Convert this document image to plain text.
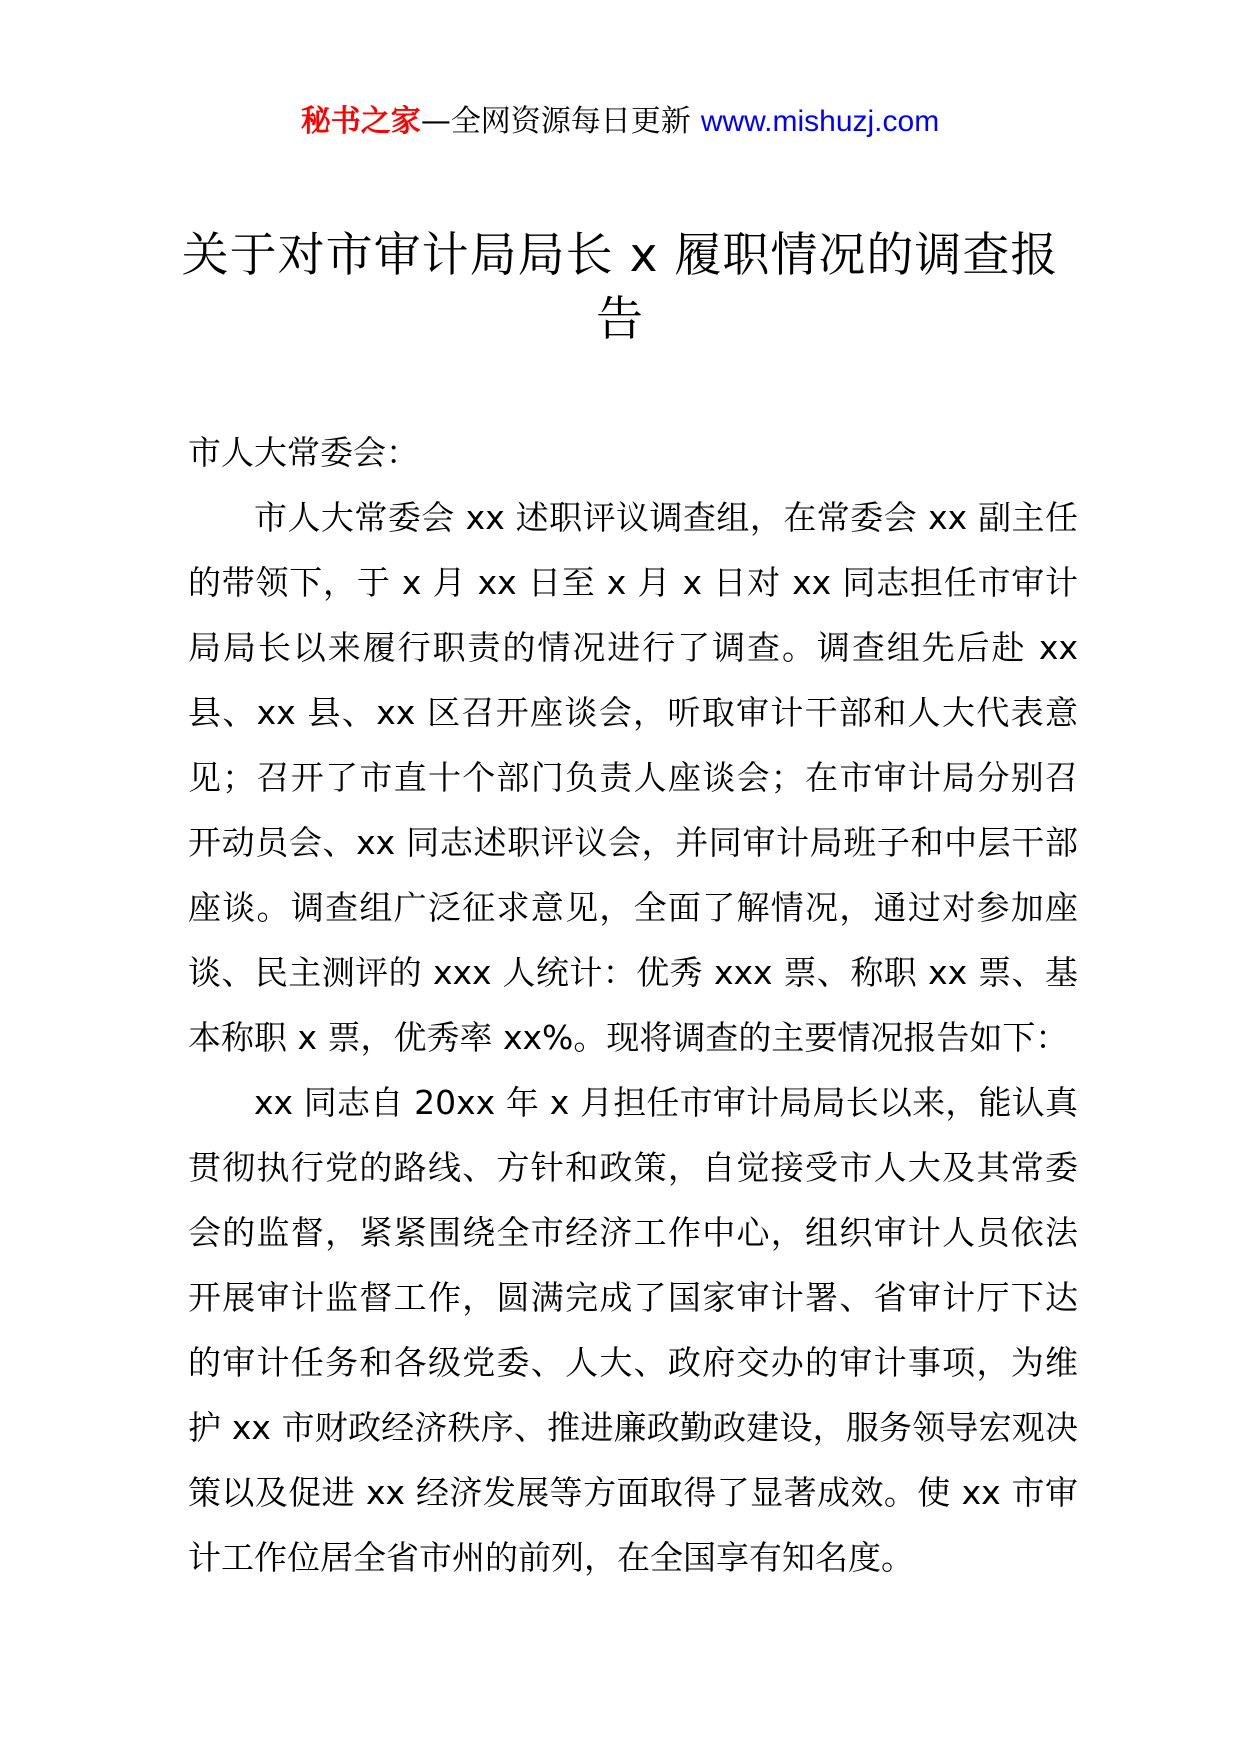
秘书之家—全网资源每日更新 www.mishuzj.com
关于对市审计局局长 x 履职情况的调查报告

市人大常委会：

市人大常委会 xx 述职评议调查组，在常委会 xx 副主任的带领下，于 x 月 xx 日至 x 月 x 日对 xx 同志担任市审计局局长以来履行职责的情况进行了调查。调查组先后赴 xx 县、xx 县、xx 区召开座谈会，听取审计干部和人大代表意见；召开了市直十个部门负责人座谈会；在市审计局分别召开动员会、xx 同志述职评议会，并同审计局班子和中层干部座谈。调查组广泛征求意见，全面了解情况，通过对参加座谈、民主测评的 xxx 人统计：优秀 xxx 票、称职 xx 票、基本称职 x 票，优秀率 xx%。现将调查的主要情况报告如下：

xx 同志自 20xx 年 x 月担任市审计局局长以来，能认真贯彻执行党的路线、方针和政策，自觉接受市人大及其常委会的监督，紧紧围绕全市经济工作中心，组织审计人员依法开展审计监督工作，圆满完成了国家审计署、省审计厅下达的审计任务和各级党委、人大、政府交办的审计事项，为维护 xx 市财政经济秩序、推进廉政勤政建设，服务领导宏观决策以及促进 xx 经济发展等方面取得了显著成效。使 xx 市审计工作位居全省市州的前列，在全国享有知名度。
